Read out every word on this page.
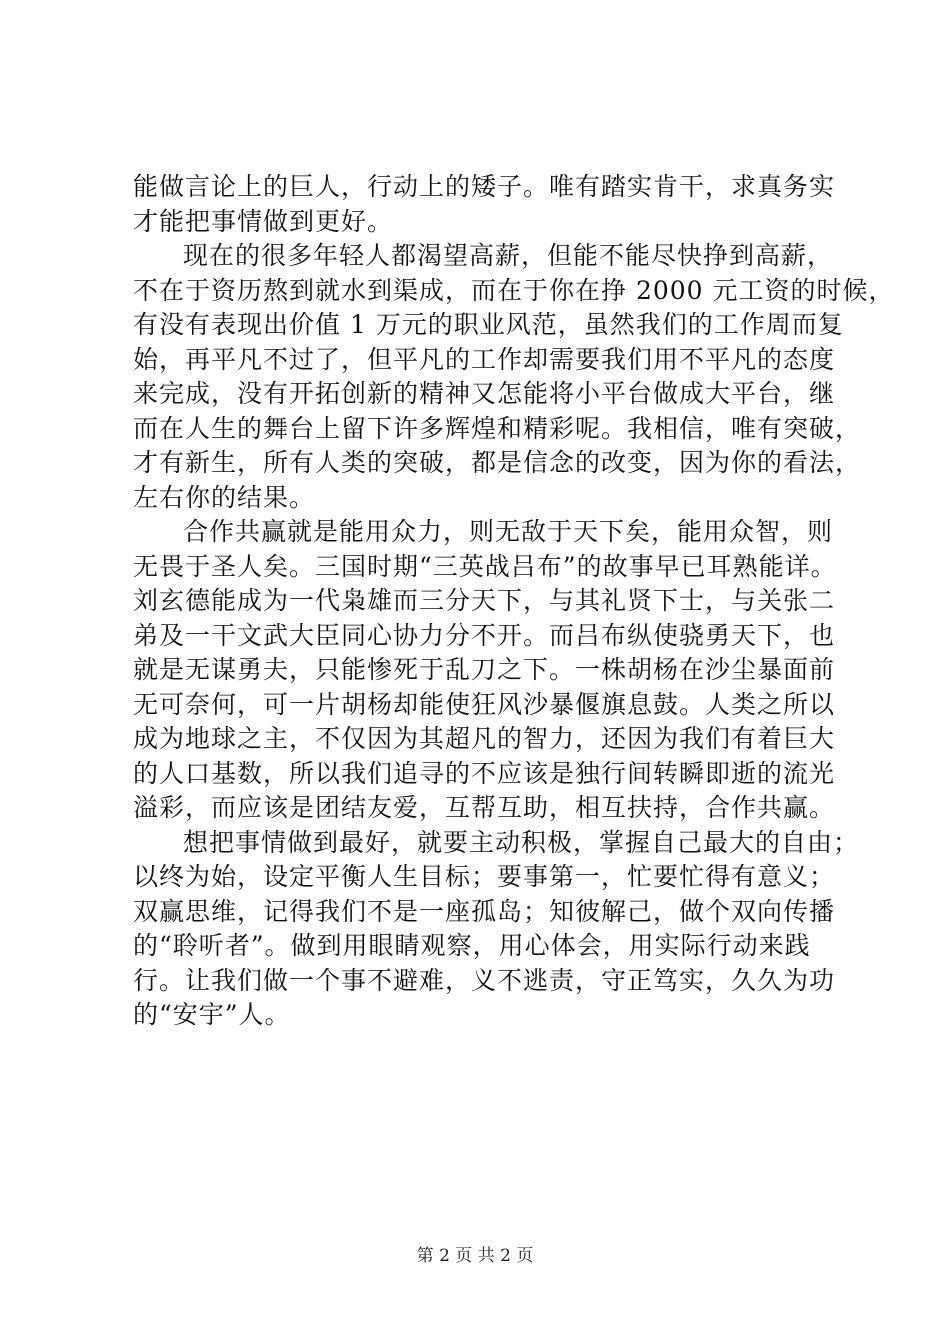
能做言论上的巨人，行动上的矮子。唯有踏实肯干，求真务实
才能把事情做到更好。
现在的很多年轻人都渴望高薪，但能不能尽快挣到高薪，
不在于资历熬到就水到渠成，而在于你在挣 2000 元工资的时候，
有没有表现出价值 1 万元的职业风范，虽然我们的工作周而复
始，再平凡不过了，但平凡的工作却需要我们用不平凡的态度
来完成，没有开拓创新的精神又怎能将小平台做成大平台，继
而在人生的舞台上留下许多辉煌和精彩呢。我相信，唯有突破，
才有新生，所有人类的突破，都是信念的改变，因为你的看法，
左右你的结果。
合作共赢就是能用众力，则无敌于天下矣，能用众智，则
无畏于圣人矣。三国时期“三英战吕布”的故事早已耳熟能详。
刘玄德能成为一代枭雄而三分天下，与其礼贤下士，与关张二
弟及一干文武大臣同心协力分不开。而吕布纵使骁勇天下，也
就是无谋勇夫，只能惨死于乱刀之下。一株胡杨在沙尘暴面前
无可奈何，可一片胡杨却能使狂风沙暴偃旗息鼓。人类之所以
成为地球之主，不仅因为其超凡的智力，还因为我们有着巨大
的人口基数，所以我们追寻的不应该是独行间转瞬即逝的流光
溢彩，而应该是团结友爱，互帮互助，相互扶持，合作共赢。
想把事情做到最好，就要主动积极，掌握自己最大的自由；
以终为始，设定平衡人生目标；要事第一，忙要忙得有意义；
双赢思维，记得我们不是一座孤岛；知彼解己，做个双向传播
的“聆听者”。做到用眼睛观察，用心体会，用实际行动来践
行。让我们做一个事不避难，义不逃责，守正笃实，久久为功
的“安宇”人。
第 2 页 共 2 页
